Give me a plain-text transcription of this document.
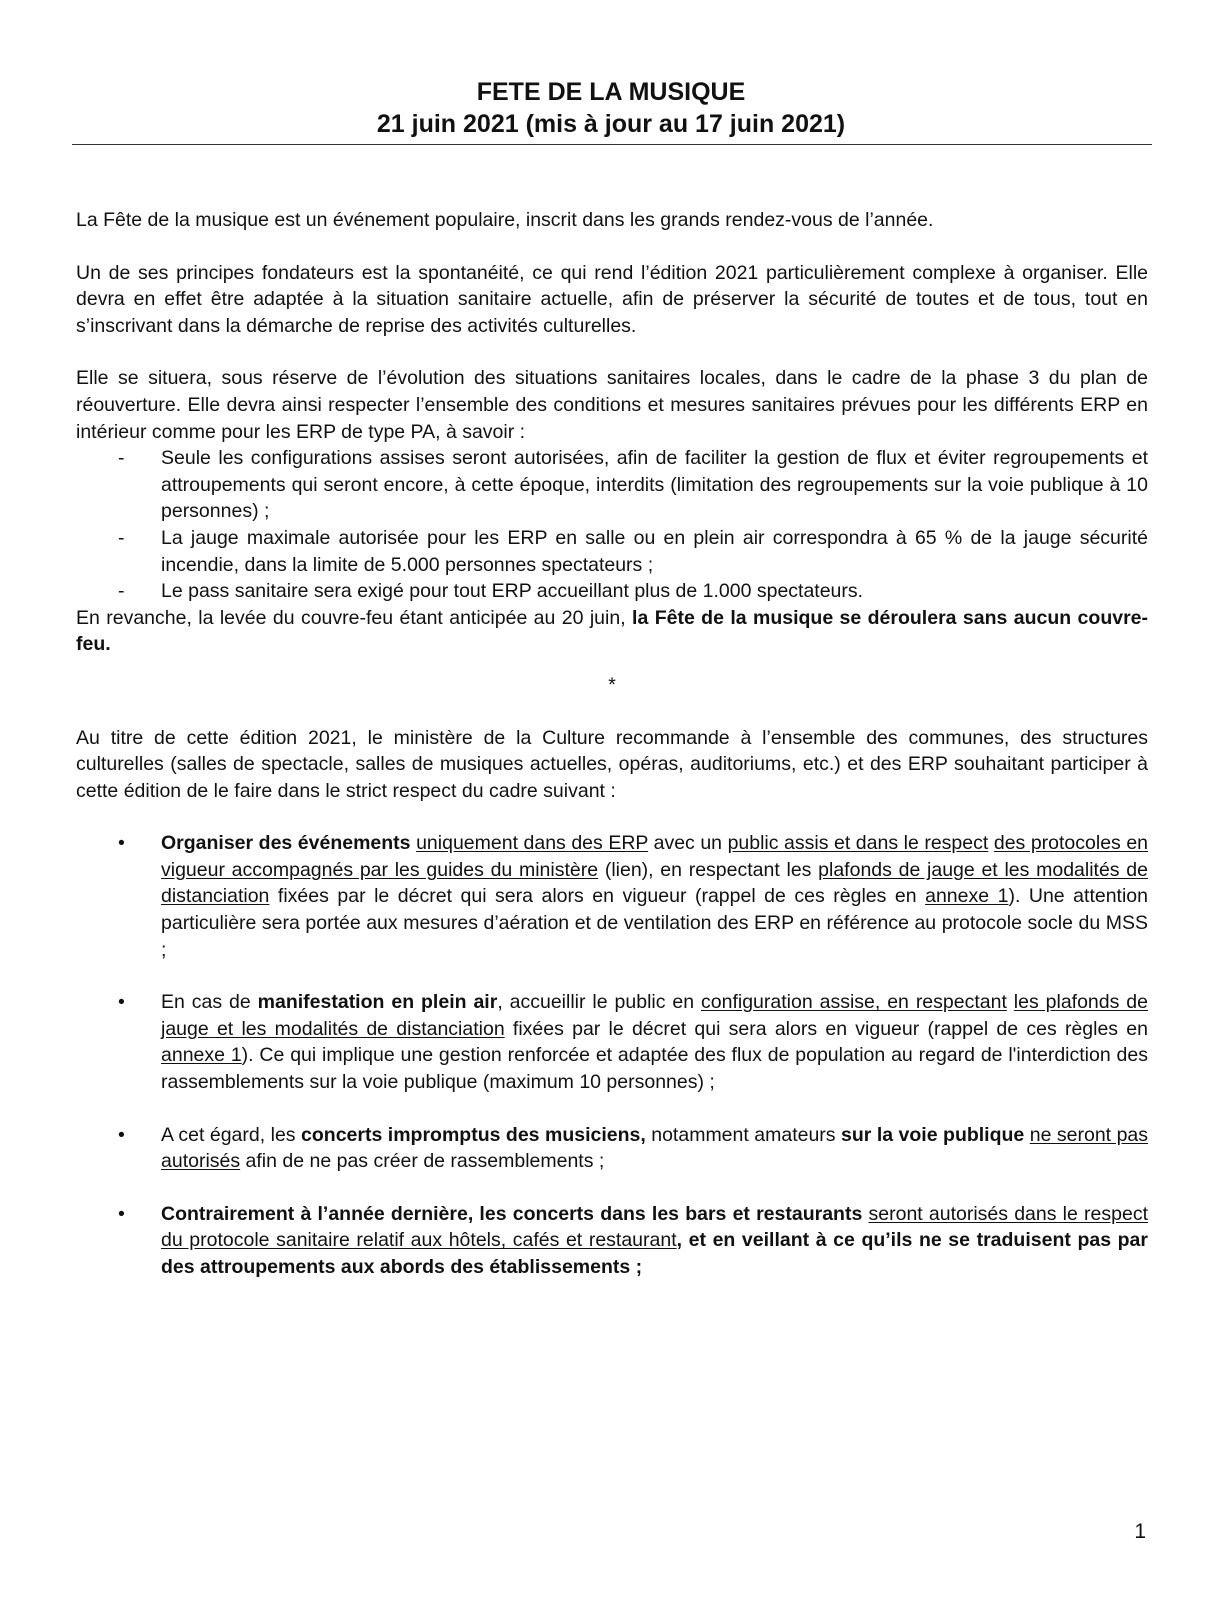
FETE DE LA MUSIQUE
21 juin 2021 (mis à jour au 17 juin 2021)

La Fête de la musique est un événement populaire, inscrit dans les grands rendez-vous de l’année.

Un de ses principes fondateurs est la spontanéité, ce qui rend l’édition 2021 particulièrement complexe à organiser. Elle devra en effet être adaptée à la situation sanitaire actuelle, afin de préserver la sécurité de toutes et de tous, tout en s’inscrivant dans la démarche de reprise des activités culturelles.

Elle se situera, sous réserve de l’évolution des situations sanitaires locales, dans le cadre de la phase 3 du plan de réouverture. Elle devra ainsi respecter l’ensemble des conditions et mesures sanitaires prévues pour les différents ERP en intérieur comme pour les ERP de type PA, à savoir :

- Seule les configurations assises seront autorisées, afin de faciliter la gestion de flux et éviter regroupements et attroupements qui seront encore, à cette époque, interdits (limitation des regroupements sur la voie publique à 10 personnes) ;
- La jauge maximale autorisée pour les ERP en salle ou en plein air correspondra à 65 % de la jauge sécurité incendie, dans la limite de 5.000 personnes spectateurs ;
- Le pass sanitaire sera exigé pour tout ERP accueillant plus de 1.000 spectateurs.

En revanche, la levée du couvre-feu étant anticipée au 20 juin, la Fête de la musique se déroulera sans aucun couvre-feu.

*

Au titre de cette édition 2021, le ministère de la Culture recommande à l’ensemble des communes, des structures culturelles (salles de spectacle, salles de musiques actuelles, opéras, auditoriums, etc.) et des ERP souhaitant participer à cette édition de le faire dans le strict respect du cadre suivant :

• Organiser des événements uniquement dans des ERP avec un public assis et dans le respect des protocoles en vigueur accompagnés par les guides du ministère (lien), en respectant les plafonds de jauge et les modalités de distanciation fixées par le décret qui sera alors en vigueur (rappel de ces règles en annexe 1). Une attention particulière sera portée aux mesures d’aération et de ventilation des ERP en référence au protocole socle du MSS ;
• En cas de manifestation en plein air, accueillir le public en configuration assise, en respectant les plafonds de jauge et les modalités de distanciation fixées par le décret qui sera alors en vigueur (rappel de ces règles en annexe 1). Ce qui implique une gestion renforcée et adaptée des flux de population au regard de l'interdiction des rassemblements sur la voie publique (maximum 10 personnes) ;
• A cet égard, les concerts impromptus des musiciens, notamment amateurs sur la voie publique ne seront pas autorisés afin de ne pas créer de rassemblements ;
• Contrairement à l’année dernière, les concerts dans les bars et restaurants seront autorisés dans le respect du protocole sanitaire relatif aux hôtels, cafés et restaurant, et en veillant à ce qu’ils ne se traduisent pas par des attroupements aux abords des établissements ;
1
